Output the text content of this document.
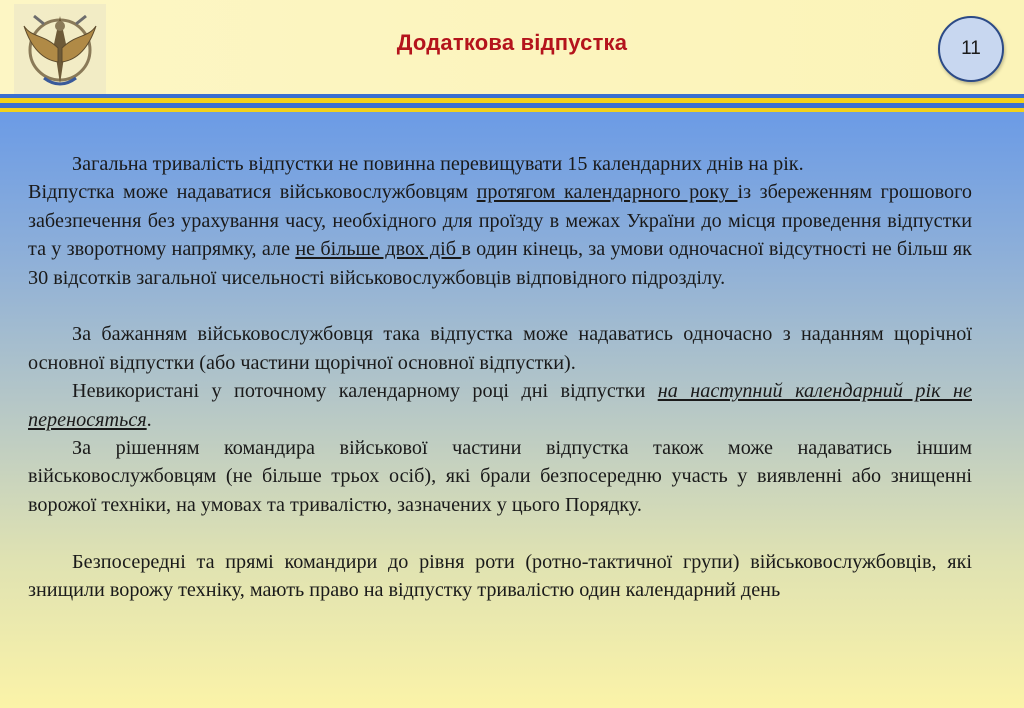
Додаткова відпустка	11

Загальна тривалість відпустки не повинна перевищувати 15 календарних днів на рік.

Відпустка може надаватися військовослужбовцям протягом календарного року із збереженням грошового забезпечення без урахування часу, необхідного для проїзду в межах України до місця проведення відпустки та у зворотному напрямку, але не більше двох діб в один кінець, за умови одночасної відсутності не більш як 30 відсотків загальної чисельності військовослужбовців відповідного підрозділу.

За бажанням військовослужбовця така відпустка може надаватись одночасно з наданням щорічної основної відпустки (або частини щорічної основної відпустки).

Невикористані у поточному календарному році дні відпустки на наступний календарний рік не переносяться.

За рішенням командира військової частини відпустка також може надаватись іншим військовослужбовцям (не більше трьох осіб), які брали безпосередню участь у виявленні або знищенні ворожої техніки, на умовах та тривалістю, зазначених у цього Порядку.

Безпосередні та прямі командири до рівня роти (ротно-тактичної групи) військовослужбовців, які знищили ворожу техніку, мають право на відпустку тривалістю один календарний день
